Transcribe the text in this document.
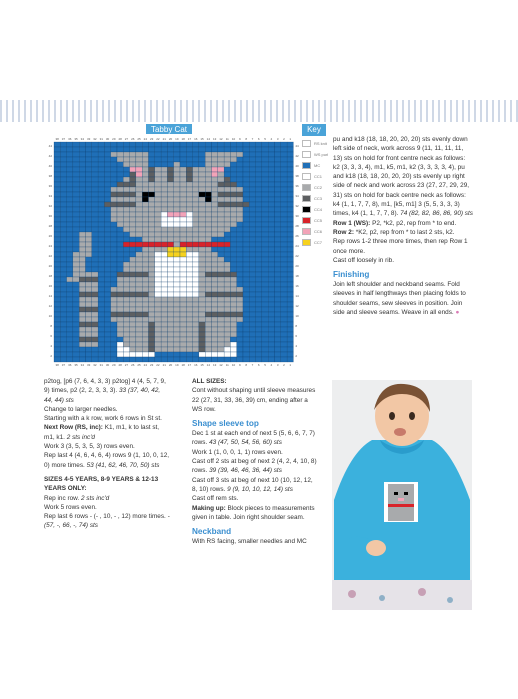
Tabby Cat	Key
38
38
37
37
36
36
35
35
34
34
33
33
32
32
31
31
30
30
29
29
28
28
27
27
26
26
25
25
24
24
23
23
22
22
21
21
20
20
19
19
18
18
17
17
16
16
15
15
14
14
13
13
12
12
11
11
10
10
9
9
8
8
7
7
6
6
5
5
4
4
3
3
2
2
1
1
44	44
42	42
40	40
38	38
36	36
34	34
32	32
30	30
28	28
26	26
24	24
22	22
20	20
18	18
16	16
14	14
12	12
10	10
8	8
6	6
4	4
2	2
RS knit
WS purl
MC
CC1
CC2
CC3
CC4
CC5
CC6
CC7

p2tog, [p6 (7, 6, 4, 3, 3) p2tog] 4 (4, 5, 7, 9, 9) times, p2 (2, 2, 3, 3, 3). 33 (37, 40, 42, 44, 44) sts

Change to larger needles.

Starting with a k row, work 6 rows in St st.

Next Row (RS, inc): K1, m1, k to last st, m1, k1. 2 sts inc'd

Work 3 (3, 5, 3, 5, 3) rows even.

Rep last 4 (4, 6, 4, 6, 4) rows 9 (1, 10, 0, 12, 0) more times. 53 (41, 62, 46, 70, 50) sts

SIZES 4-5 YEARS, 8-9 YEARS & 12-13 YEARS ONLY:

Rep inc row. 2 sts inc'd

Work 5 rows even.

Rep last 6 rows - (- , 10, - , 12) more times. - (57, -, 66, -, 74) sts

ALL SIZES:

Cont without shaping until sleeve measures 22 (27, 31, 33, 36, 39) cm, ending after a WS row.

Shape sleeve top

Dec 1 st at each end of next 5 (5, 6, 6, 7, 7) rows. 43 (47, 50, 54, 56, 60) sts

Work 1 (1, 0, 0, 1, 1) rows even.

Cast off 2 sts at beg of next 2 (4, 2, 4, 10, 8) rows. 39 (39, 46, 46, 36, 44) sts

Cast off 3 sts at beg of next 10 (10, 12, 12, 8, 10) rows. 9 (9, 10, 10, 12, 14) sts

Cast off rem sts.

Making up: Block pieces to measurements given in table. Join right shoulder seam.

Neckband

With RS facing, smaller needles and MC

pu and k18 (18, 18, 20, 20, 20) sts evenly down left side of neck, work across 9 (11, 11, 11, 11, 13) sts on hold for front centre neck as follows: k2 (3, 3, 3, 4), m1, k5, m1, k2 (3, 3, 3, 3, 4), pu and k18 (18, 18, 20, 20, 20) sts evenly up right side of neck and work across 23 (27, 27, 29, 29, 31) sts on hold for back centre neck as follows: k4 (1, 1, 7, 7, 8), m1, [k5, m1] 3 (5, 5, 3, 3, 3) times, k4 (1, 1, 7, 7, 8). 74 (82, 82, 86, 86, 90) sts

Row 1 (WS): P2, *k2, p2, rep from * to end.

Row 2: *K2, p2, rep from * to last 2 sts, k2.

Rep rows 1-2 three more times, then rep Row 1 once more.

Cast off loosely in rib.

Finishing

Join left shoulder and neckband seams. Fold sleeves in half lengthways then placing folds to shoulder seams, sew sleeves in position. Join side and sleeve seams. Weave in all ends. ●
